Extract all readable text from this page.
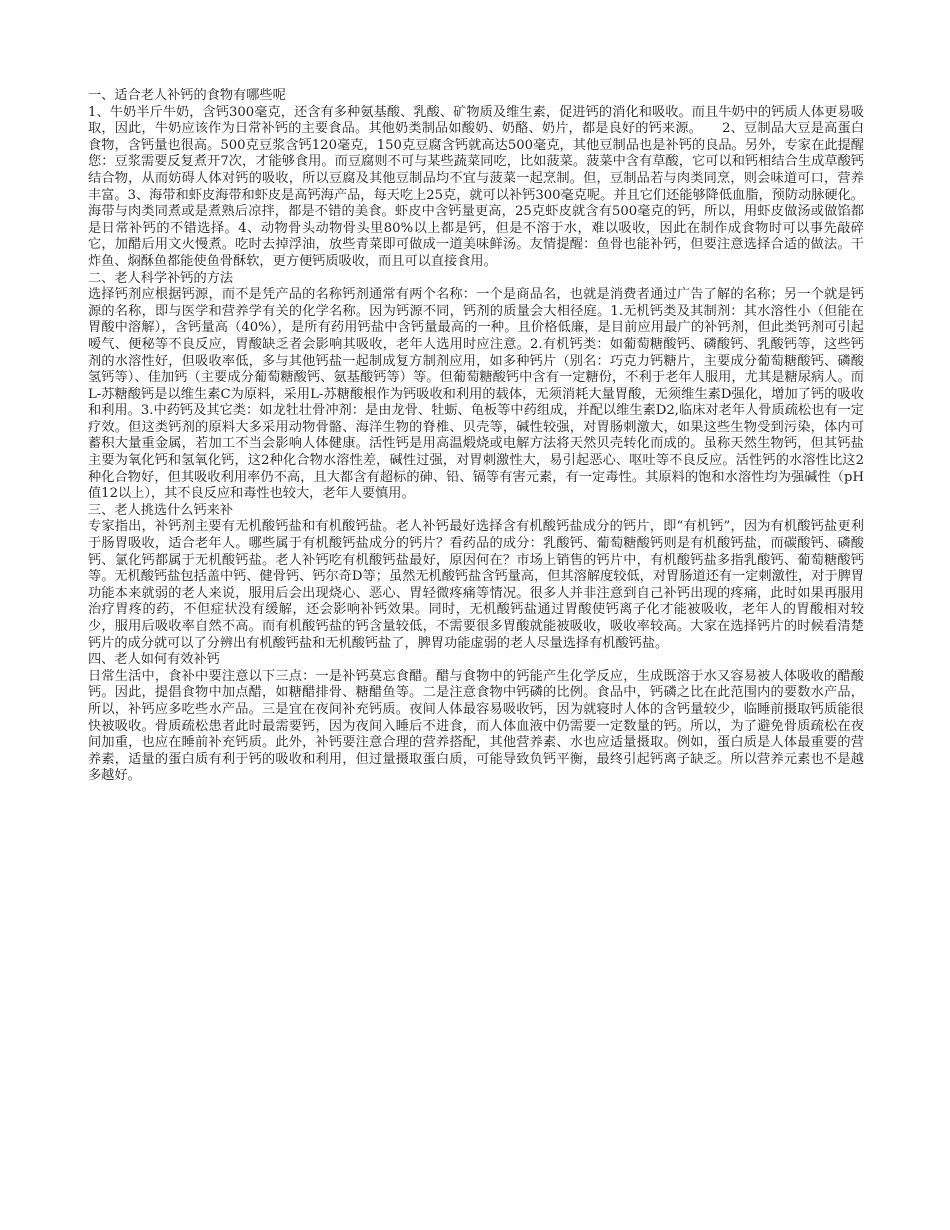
一、适合老人补钙的食物有哪些呢

1、牛奶半斤牛奶，含钙300毫克，还含有多种氨基酸、乳酸、矿物质及维生素，促进钙的消化和吸收。而且牛奶中的钙质人体更易吸取，因此，牛奶应该作为日常补钙的主要食品。其他奶类制品如酸奶、奶酪、奶片，都是良好的钙来源。　　2、豆制品大豆是高蛋白食物，含钙量也很高。500克豆浆含钙120毫克，150克豆腐含钙就高达500毫克，其他豆制品也是补钙的良品。另外，专家在此提醒您：豆浆需要反复煮开7次，才能够食用。而豆腐则不可与某些蔬菜同吃，比如菠菜。菠菜中含有草酸，它可以和钙相结合生成草酸钙结合物，从而妨碍人体对钙的吸收，所以豆腐及其他豆制品均不宜与菠菜一起烹制。但，豆制品若与肉类同烹，则会味道可口，营养丰富。3、海带和虾皮海带和虾皮是高钙海产品，每天吃上25克，就可以补钙300毫克呢。并且它们还能够降低血脂，预防动脉硬化。海带与肉类同煮或是煮熟后凉拌，都是不错的美食。虾皮中含钙量更高，25克虾皮就含有500毫克的钙，所以，用虾皮做汤或做馅都是日常补钙的不错选择。4、动物骨头动物骨头里80%以上都是钙，但是不溶于水，难以吸收，因此在制作成食物时可以事先敲碎它，加醋后用文火慢煮。吃时去掉浮油，放些青菜即可做成一道美味鲜汤。友情提醒：鱼骨也能补钙，但要注意选择合适的做法。干炸鱼、焖酥鱼都能使鱼骨酥软，更方便钙质吸收，而且可以直接食用。

二、老人科学补钙的方法

选择钙剂应根据钙源，而不是凭产品的名称钙剂通常有两个名称：一个是商品名，也就是消费者通过广告了解的名称；另一个就是钙源的名称，即与医学和营养学有关的化学名称。因为钙源不同，钙剂的质量会大相径庭。1.无机钙类及其制剂：其水溶性小（但能在胃酸中溶解），含钙量高（40%），是所有药用钙盐中含钙量最高的一种。且价格低廉，是目前应用最广的补钙剂，但此类钙剂可引起嗳气、便秘等不良反应，胃酸缺乏者会影响其吸收，老年人选用时应注意。2.有机钙类：如葡萄糖酸钙、磷酸钙、乳酸钙等，这些钙剂的水溶性好，但吸收率低，多与其他钙盐一起制成复方制剂应用，如多种钙片（别名：巧克力钙糖片，主要成分葡萄糖酸钙、磷酸氢钙等）、佳加钙（主要成分葡萄糖酸钙、氨基酸钙等）等。但葡萄糖酸钙中含有一定糖份，不利于老年人服用，尤其是糖尿病人。而L-苏糖酸钙是以维生素C为原料，采用L-苏糖酸根作为钙吸收和利用的载体，无须消耗大量胃酸，无须维生素D强化，增加了钙的吸收和利用。3.中药钙及其它类：如龙牡壮骨冲剂：是由龙骨、牡蛎、龟板等中药组成，并配以维生素D2,临床对老年人骨质疏松也有一定疗效。但这类钙剂的原料大多采用动物骨骼、海洋生物的脊椎、贝壳等，碱性较强，对胃肠刺激大，如果这些生物受到污染，体内可蓄积大量重金属，若加工不当会影响人体健康。活性钙是用高温煅烧或电解方法将天然贝壳转化而成的。虽称天然生物钙，但其钙盐主要为氧化钙和氢氧化钙，这2种化合物水溶性差，碱性过强，对胃刺激性大，易引起恶心、呕吐等不良反应。活性钙的水溶性比这2种化合物好，但其吸收利用率仍不高，且大都含有超标的砷、铅、镉等有害元素，有一定毒性。其原料的饱和水溶性均为强碱性（pH值12以上），其不良反应和毒性也较大，老年人要慎用。

三、老人挑选什么钙来补

专家指出，补钙剂主要有无机酸钙盐和有机酸钙盐。老人补钙最好选择含有机酸钙盐成分的钙片，即“有机钙”，因为有机酸钙盐更利于肠胃吸收，适合老年人。哪些属于有机酸钙盐成分的钙片？看药品的成分：乳酸钙、葡萄糖酸钙则是有机酸钙盐，而碳酸钙、磷酸钙、氯化钙都属于无机酸钙盐。老人补钙吃有机酸钙盐最好，原因何在？市场上销售的钙片中，有机酸钙盐多指乳酸钙、葡萄糖酸钙等。无机酸钙盐包括盖中钙、健骨钙、钙尔奇D等；虽然无机酸钙盐含钙量高，但其溶解度较低，对胃肠道还有一定刺激性，对于脾胃功能本来就弱的老人来说，服用后会出现烧心、恶心、胃轻微疼痛等情况。很多人并非注意到自己补钙出现的疼痛，此时如果再服用治疗胃疼的药，不但症状没有缓解，还会影响补钙效果。同时，无机酸钙盐通过胃酸使钙离子化才能被吸收，老年人的胃酸相对较少，服用后吸收率自然不高。而有机酸钙盐的钙含量较低，不需要很多胃酸就能被吸收，吸收率较高。大家在选择钙片的时候看清楚钙片的成分就可以了分辨出有机酸钙盐和无机酸钙盐了，脾胃功能虚弱的老人尽量选择有机酸钙盐。

四、老人如何有效补钙

日常生活中，食补中要注意以下三点：一是补钙莫忘食醋。醋与食物中的钙能产生化学反应，生成既溶于水又容易被人体吸收的醋酸钙。因此，提倡食物中加点醋，如糖醋排骨、糖醋鱼等。二是注意食物中钙磷的比例。食品中，钙磷之比在此范围内的要数水产品，所以，补钙应多吃些水产品。三是宜在夜间补充钙质。夜间人体最容易吸收钙，因为就寝时人体的含钙量较少，临睡前摄取钙质能很快被吸收。骨质疏松患者此时最需要钙，因为夜间入睡后不进食，而人体血液中仍需要一定数量的钙。所以，为了避免骨质疏松在夜间加重，也应在睡前补充钙质。此外，补钙要注意合理的营养搭配，其他营养素、水也应适量摄取。例如，蛋白质是人体最重要的营养素，适量的蛋白质有利于钙的吸收和利用，但过量摄取蛋白质，可能导致负钙平衡，最终引起钙离子缺乏。所以营养元素也不是越多越好。
